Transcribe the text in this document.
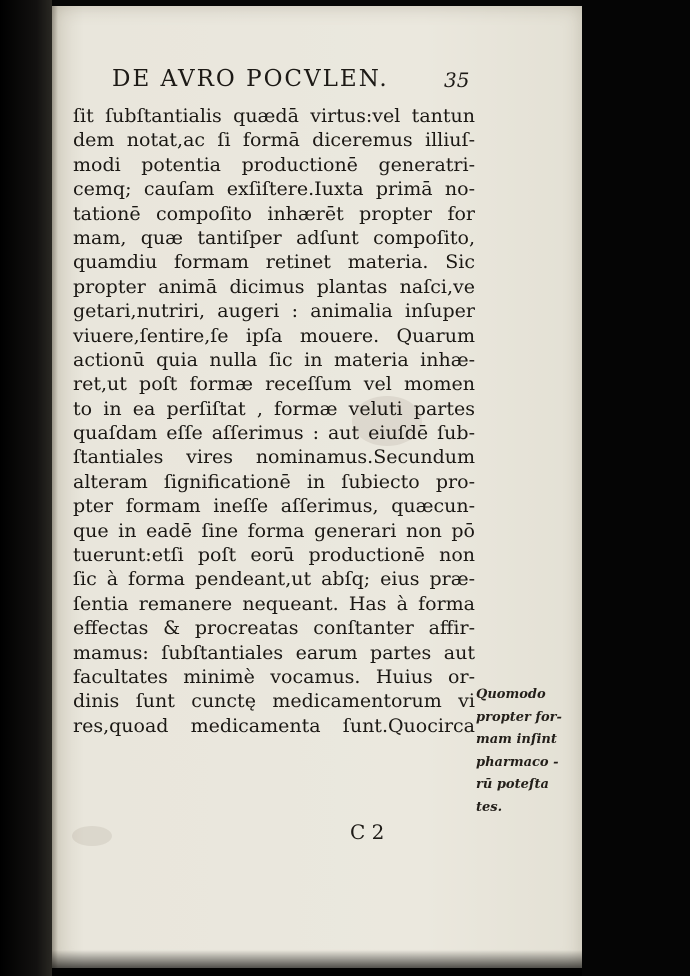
DE AVRO POCVLEN.	35
ſit ſubſtantialis quædā virtus:vel tantun
dem notat,ac ſi formā diceremus illiuſ-
modi potentia productionē generatri-
cemq; cauſam exſiſtere.Iuxta primā no-
tationē compoſito inhærēt propter for
mam, quæ tantiſper adſunt compoſito,
quamdiu formam retinet materia. Sic
propter animā dicimus plantas naſci,ve
getari,nutriri, augeri : animalia inſuper
viuere,ſentire,ſe ipſa mouere. Quarum
actionū quia nulla ſic in materia inhæ-
ret,ut poſt formæ receſſum vel momen
to in ea perſiſtat , formæ veluti partes
quaſdam eſſe aſſerimus : aut eiuſdē ſub-
ſtantiales vires nominamus.Secundum
alteram ſignificationē in ſubiecto pro-
pter formam ineſſe aſſerimus, quæcun-
que in eadē ſine forma generari non pō
tuerunt:etſi poſt eorū productionē non
ſic à forma pendeant,ut abſq; eius præ-
ſentia remanere nequeant. Has à forma
effectas & procreatas conſtanter affir-
mamus: ſubſtantiales earum partes aut
facultates minimè vocamus. Huius or-
dinis ſunt cunctę medicamentorum vi
res,quoad medicamenta ſunt.Quocirca
Quomodo
propter for-
mam inſint
pharmaco -
rū poteſta
tes.
C 2
